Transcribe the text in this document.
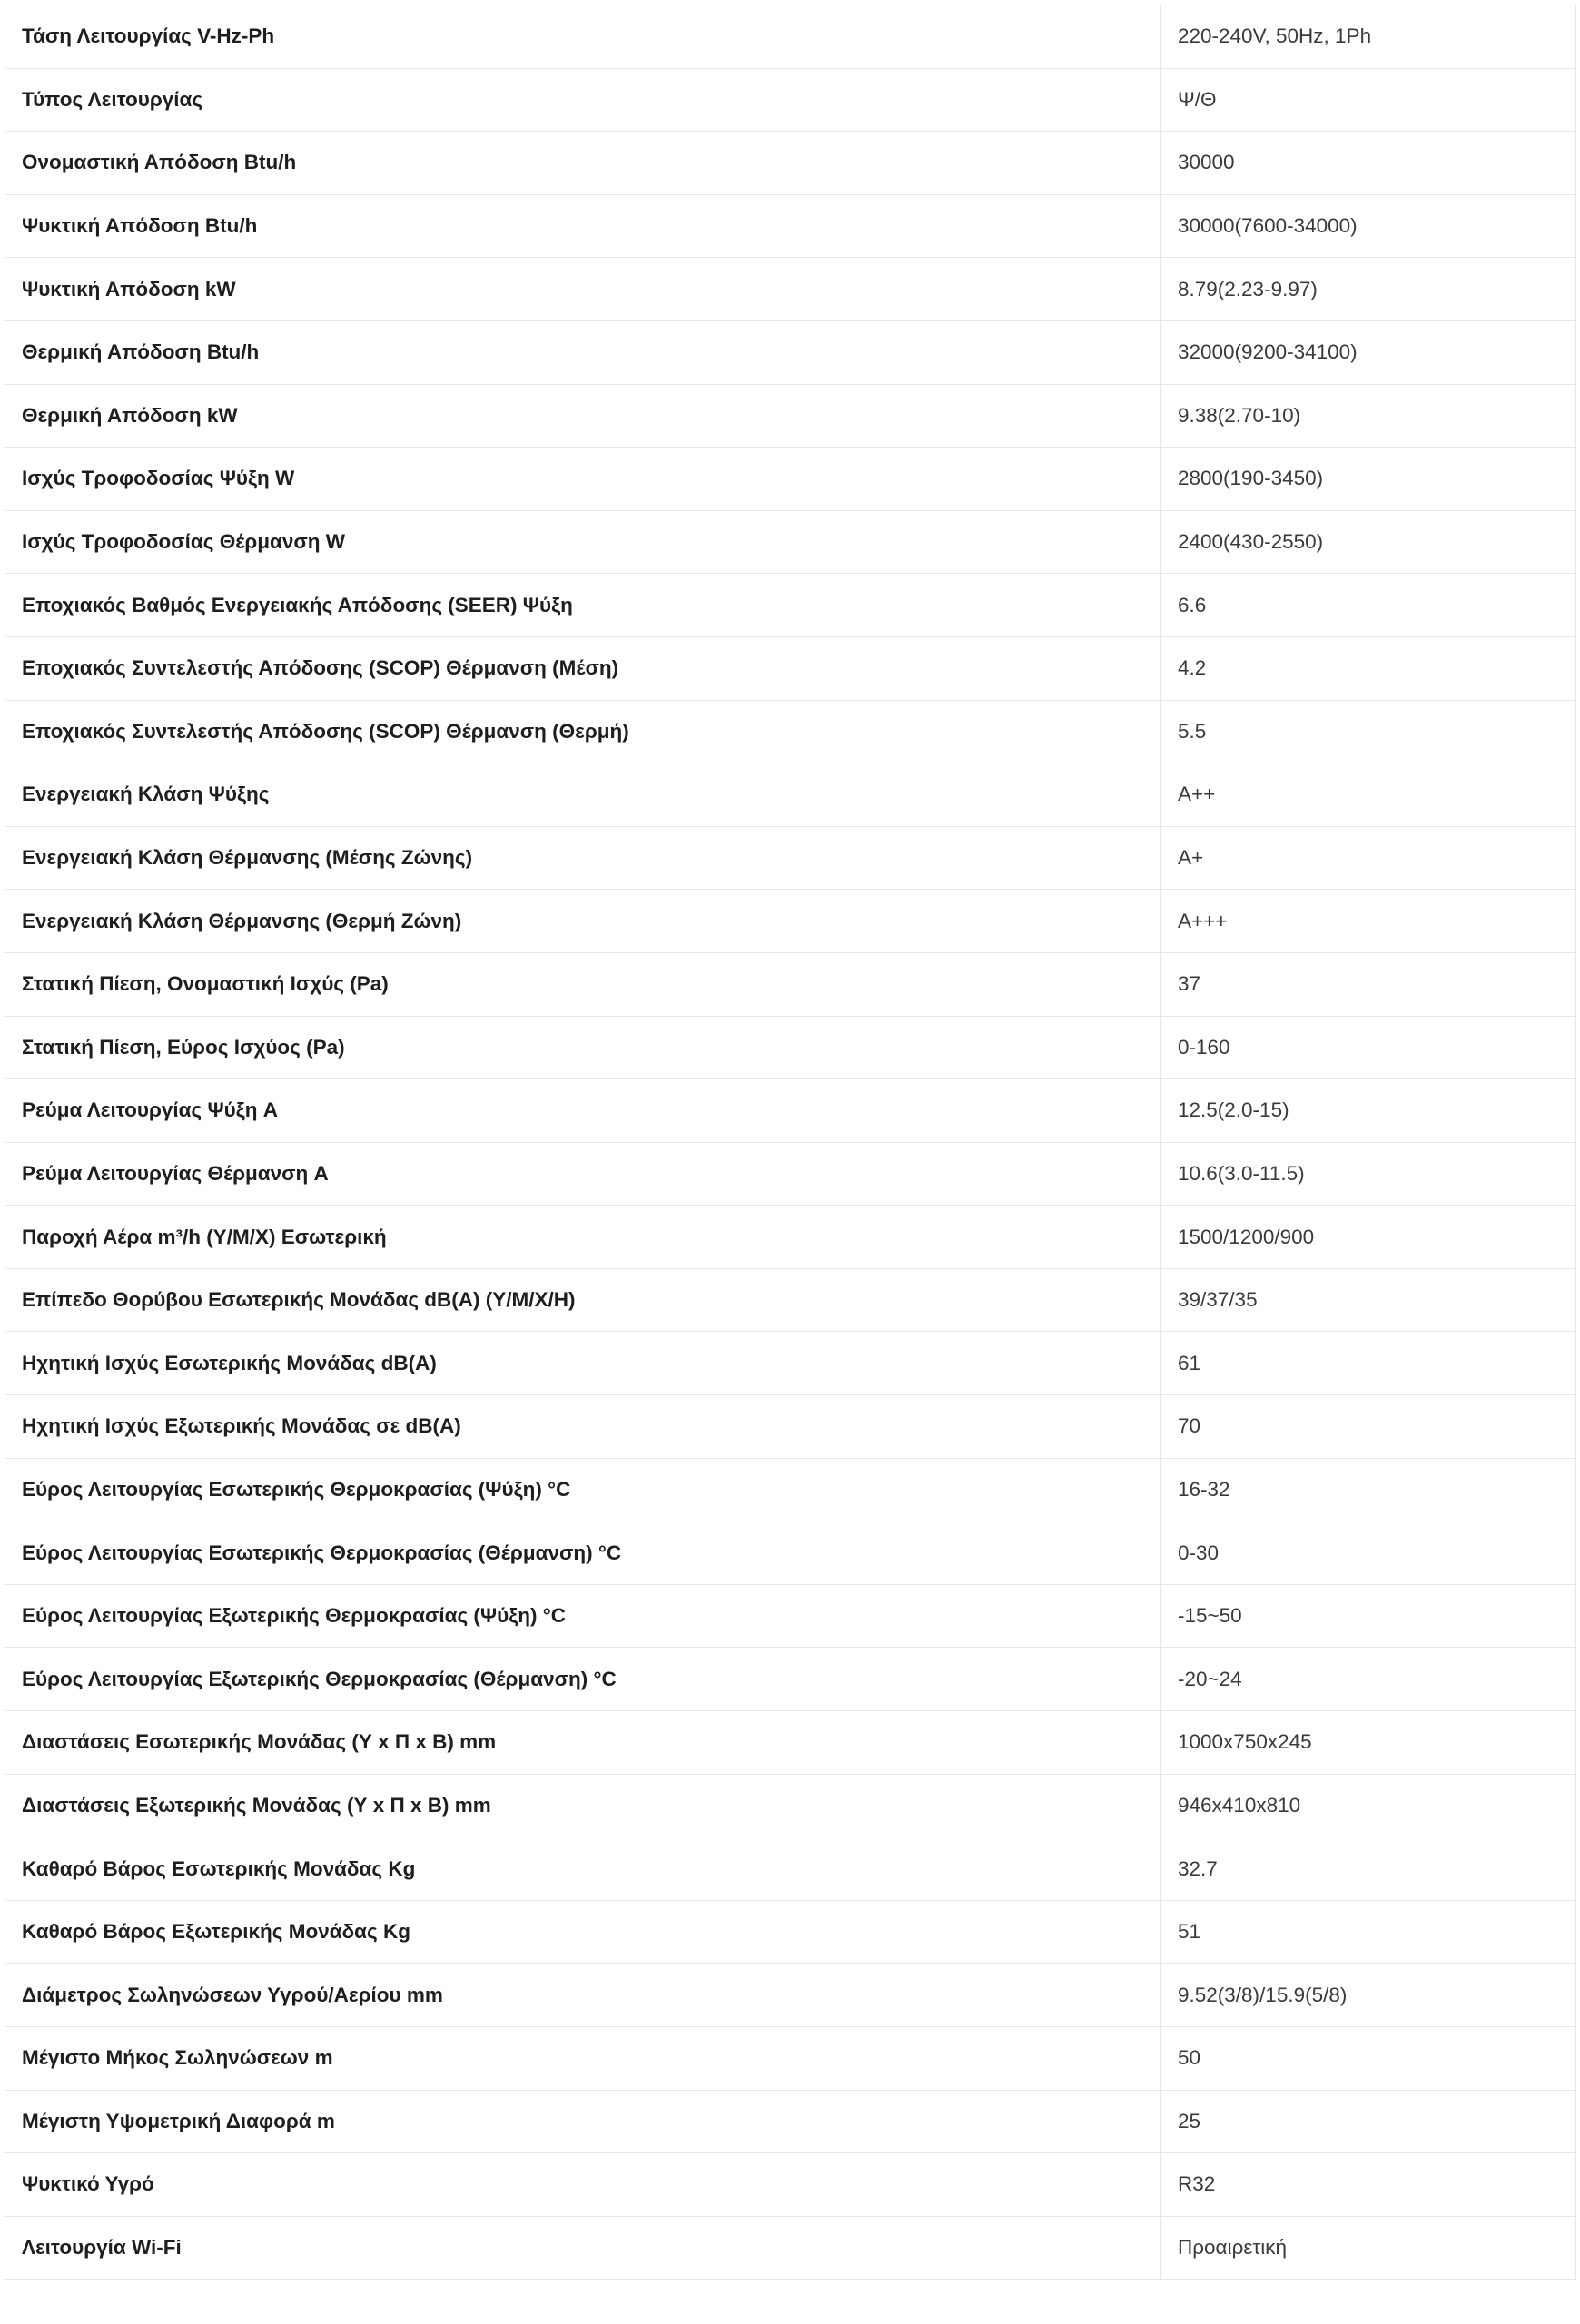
Τάση Λειτουργίας V-Hz-Ph	220-240V, 50Hz, 1Ph
Τύπος Λειτουργίας	Ψ/Θ
Ονομαστική Απόδοση Btu/h	30000
Ψυκτική Απόδοση Btu/h	30000(7600-34000)
Ψυκτική Απόδοση kW	8.79(2.23-9.97)
Θερμική Απόδοση Btu/h	32000(9200-34100)
Θερμική Απόδοση kW	9.38(2.70-10)
Ισχύς Τροφοδοσίας Ψύξη W	2800(190-3450)
Ισχύς Τροφοδοσίας Θέρμανση W	2400(430-2550)
Εποχιακός Βαθμός Ενεργειακής Απόδοσης (SEER) Ψύξη	6.6
Εποχιακός Συντελεστής Απόδοσης (SCOP) Θέρμανση (Μέση)	4.2
Εποχιακός Συντελεστής Απόδοσης (SCOP) Θέρμανση (Θερμή)	5.5
Ενεργειακή Κλάση Ψύξης	A++
Ενεργειακή Κλάση Θέρμανσης (Μέσης Ζώνης)	A+
Ενεργειακή Κλάση Θέρμανσης (Θερμή Ζώνη)	A+++
Στατική Πίεση, Ονομαστική Ισχύς (Pa)	37
Στατική Πίεση, Εύρος Ισχύος (Pa)	0-160
Ρεύμα Λειτουργίας Ψύξη A	12.5(2.0-15)
Ρεύμα Λειτουργίας Θέρμανση A	10.6(3.0-11.5)
Παροχή Αέρα m³/h (Υ/Μ/Χ) Εσωτερική	1500/1200/900
Επίπεδο Θορύβου Εσωτερικής Μονάδας dB(A) (Υ/Μ/Χ/Η)	39/37/35
Ηχητική Ισχύς Εσωτερικής Μονάδας dB(A)	61
Ηχητική Ισχύς Εξωτερικής Μονάδας σε dB(A)	70
Εύρος Λειτουργίας Εσωτερικής Θερμοκρασίας (Ψύξη) °C	16-32
Εύρος Λειτουργίας Εσωτερικής Θερμοκρασίας (Θέρμανση) °C	0-30
Εύρος Λειτουργίας Εξωτερικής Θερμοκρασίας (Ψύξη) °C	-15~50
Εύρος Λειτουργίας Εξωτερικής Θερμοκρασίας (Θέρμανση) °C	-20~24
Διαστάσεις Εσωτερικής Μονάδας (Υ x Π x Β) mm	1000x750x245
Διαστάσεις Εξωτερικής Μονάδας (Υ x Π x Β) mm	946x410x810
Καθαρό Βάρος Εσωτερικής Μονάδας Kg	32.7
Καθαρό Βάρος Εξωτερικής Μονάδας Kg	51
Διάμετρος Σωληνώσεων Υγρού/Αερίου mm	9.52(3/8)/15.9(5/8)
Μέγιστο Μήκος Σωληνώσεων m	50
Μέγιστη Υψομετρική Διαφορά m	25
Ψυκτικό Υγρό	R32
Λειτουργία Wi-Fi	Προαιρετική
